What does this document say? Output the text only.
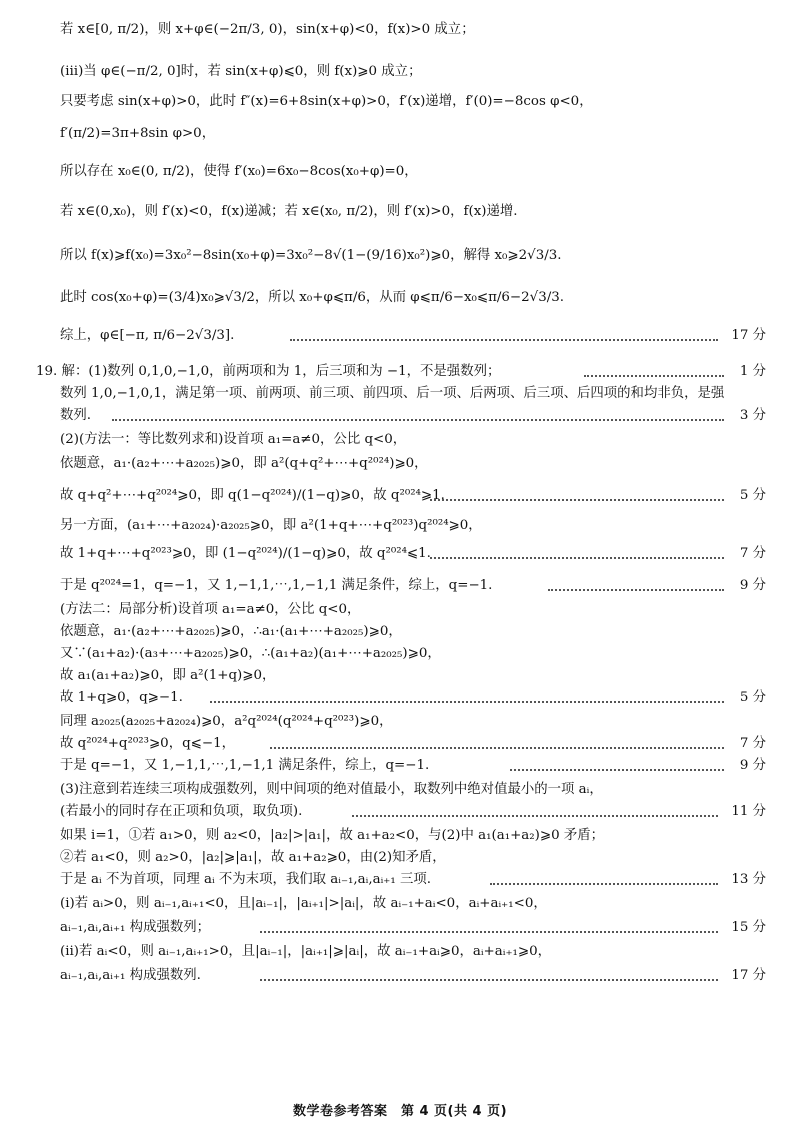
若 x∈[0, π/2)，则 x+φ∈(−2π/3, 0)，sin(x+φ)<0，f(x)>0 成立；
(ⅲ)当 φ∈(−π/2, 0]时，若 sin(x+φ)⩽0，则 f(x)⩾0 成立；
只要考虑 sin(x+φ)>0，此时 f″(x)=6+8sin(x+φ)>0，f′(x)递增，f′(0)=−8cos φ<0，
f′(π/2)=3π+8sin φ>0，
所以存在 x₀∈(0, π/2)，使得 f′(x₀)=6x₀−8cos(x₀+φ)=0，
若 x∈(0,x₀)，则 f′(x)<0，f(x)递减；若 x∈(x₀, π/2)，则 f′(x)>0，f(x)递增.
所以 f(x)⩾f(x₀)=3x₀²−8sin(x₀+φ)=3x₀²−8√(1−(9/16)x₀²)⩾0，解得 x₀⩾2√3/3.
此时 cos(x₀+φ)=(3/4)x₀⩾√3/2，所以 x₀+φ⩽π/6，从而 φ⩽π/6−x₀⩽π/6−2√3/3.
综上，φ∈[−π, π/6−2√3/3].	17 分
19. 解：(1)数列 0,1,0,−1,0，前两项和为 1，后三项和为 −1，不是强数列；	1 分
数列 1,0,−1,0,1，满足第一项、前两项、前三项、前四项、后一项、后两项、后三项、后四项的和均非负，是强
数列.	3 分
(2)(方法一：等比数列求和)设首项 a₁=a≠0，公比 q<0，
依题意，a₁·(a₂+⋯+a₂₀₂₅)⩾0，即 a²(q+q²+⋯+q²⁰²⁴)⩾0，
故 q+q²+⋯+q²⁰²⁴⩾0，即 q(1−q²⁰²⁴)/(1−q)⩾0，故 q²⁰²⁴⩾1.	5 分
另一方面，(a₁+⋯+a₂₀₂₄)·a₂₀₂₅⩾0，即 a²(1+q+⋯+q²⁰²³)q²⁰²⁴⩾0，
故 1+q+⋯+q²⁰²³⩾0，即 (1−q²⁰²⁴)/(1−q)⩾0，故 q²⁰²⁴⩽1.	7 分
于是 q²⁰²⁴=1，q=−1，又 1,−1,1,⋯,1,−1,1 满足条件，综上，q=−1.	9 分
(方法二：局部分析)设首项 a₁=a≠0，公比 q<0，
依题意，a₁·(a₂+⋯+a₂₀₂₅)⩾0，∴a₁·(a₁+⋯+a₂₀₂₅)⩾0，
又∵(a₁+a₂)·(a₃+⋯+a₂₀₂₅)⩾0，∴(a₁+a₂)(a₁+⋯+a₂₀₂₅)⩾0，
故 a₁(a₁+a₂)⩾0，即 a²(1+q)⩾0，
故 1+q⩾0，q⩾−1.	5 分
同理 a₂₀₂₅(a₂₀₂₅+a₂₀₂₄)⩾0，a²q²⁰²⁴(q²⁰²⁴+q²⁰²³)⩾0，
故 q²⁰²⁴+q²⁰²³⩾0，q⩽−1，	7 分
于是 q=−1，又 1,−1,1,⋯,1,−1,1 满足条件，综上，q=−1.	9 分
(3)注意到若连续三项构成强数列，则中间项的绝对值最小，取数列中绝对值最小的一项 aᵢ，
(若最小的同时存在正项和负项，取负项).	11 分
如果 i=1，①若 a₁>0，则 a₂<0，|a₂|>|a₁|，故 a₁+a₂<0，与(2)中 a₁(a₁+a₂)⩾0 矛盾；
②若 a₁<0，则 a₂>0，|a₂|⩾|a₁|，故 a₁+a₂⩾0，由(2)知矛盾，
于是 aᵢ 不为首项，同理 aᵢ 不为末项，我们取 aᵢ₋₁,aᵢ,aᵢ₊₁ 三项.	13 分
(ⅰ)若 aᵢ>0，则 aᵢ₋₁,aᵢ₊₁<0，且|aᵢ₋₁|，|aᵢ₊₁|>|aᵢ|，故 aᵢ₋₁+aᵢ<0，aᵢ+aᵢ₊₁<0，
aᵢ₋₁,aᵢ,aᵢ₊₁ 构成强数列；	15 分
(ⅱ)若 aᵢ<0，则 aᵢ₋₁,aᵢ₊₁>0，且|aᵢ₋₁|，|aᵢ₊₁|⩾|aᵢ|，故 aᵢ₋₁+aᵢ⩾0，aᵢ+aᵢ₊₁⩾0，
aᵢ₋₁,aᵢ,aᵢ₊₁ 构成强数列.	17 分
数学卷参考答案　第 4 页(共 4 页)
